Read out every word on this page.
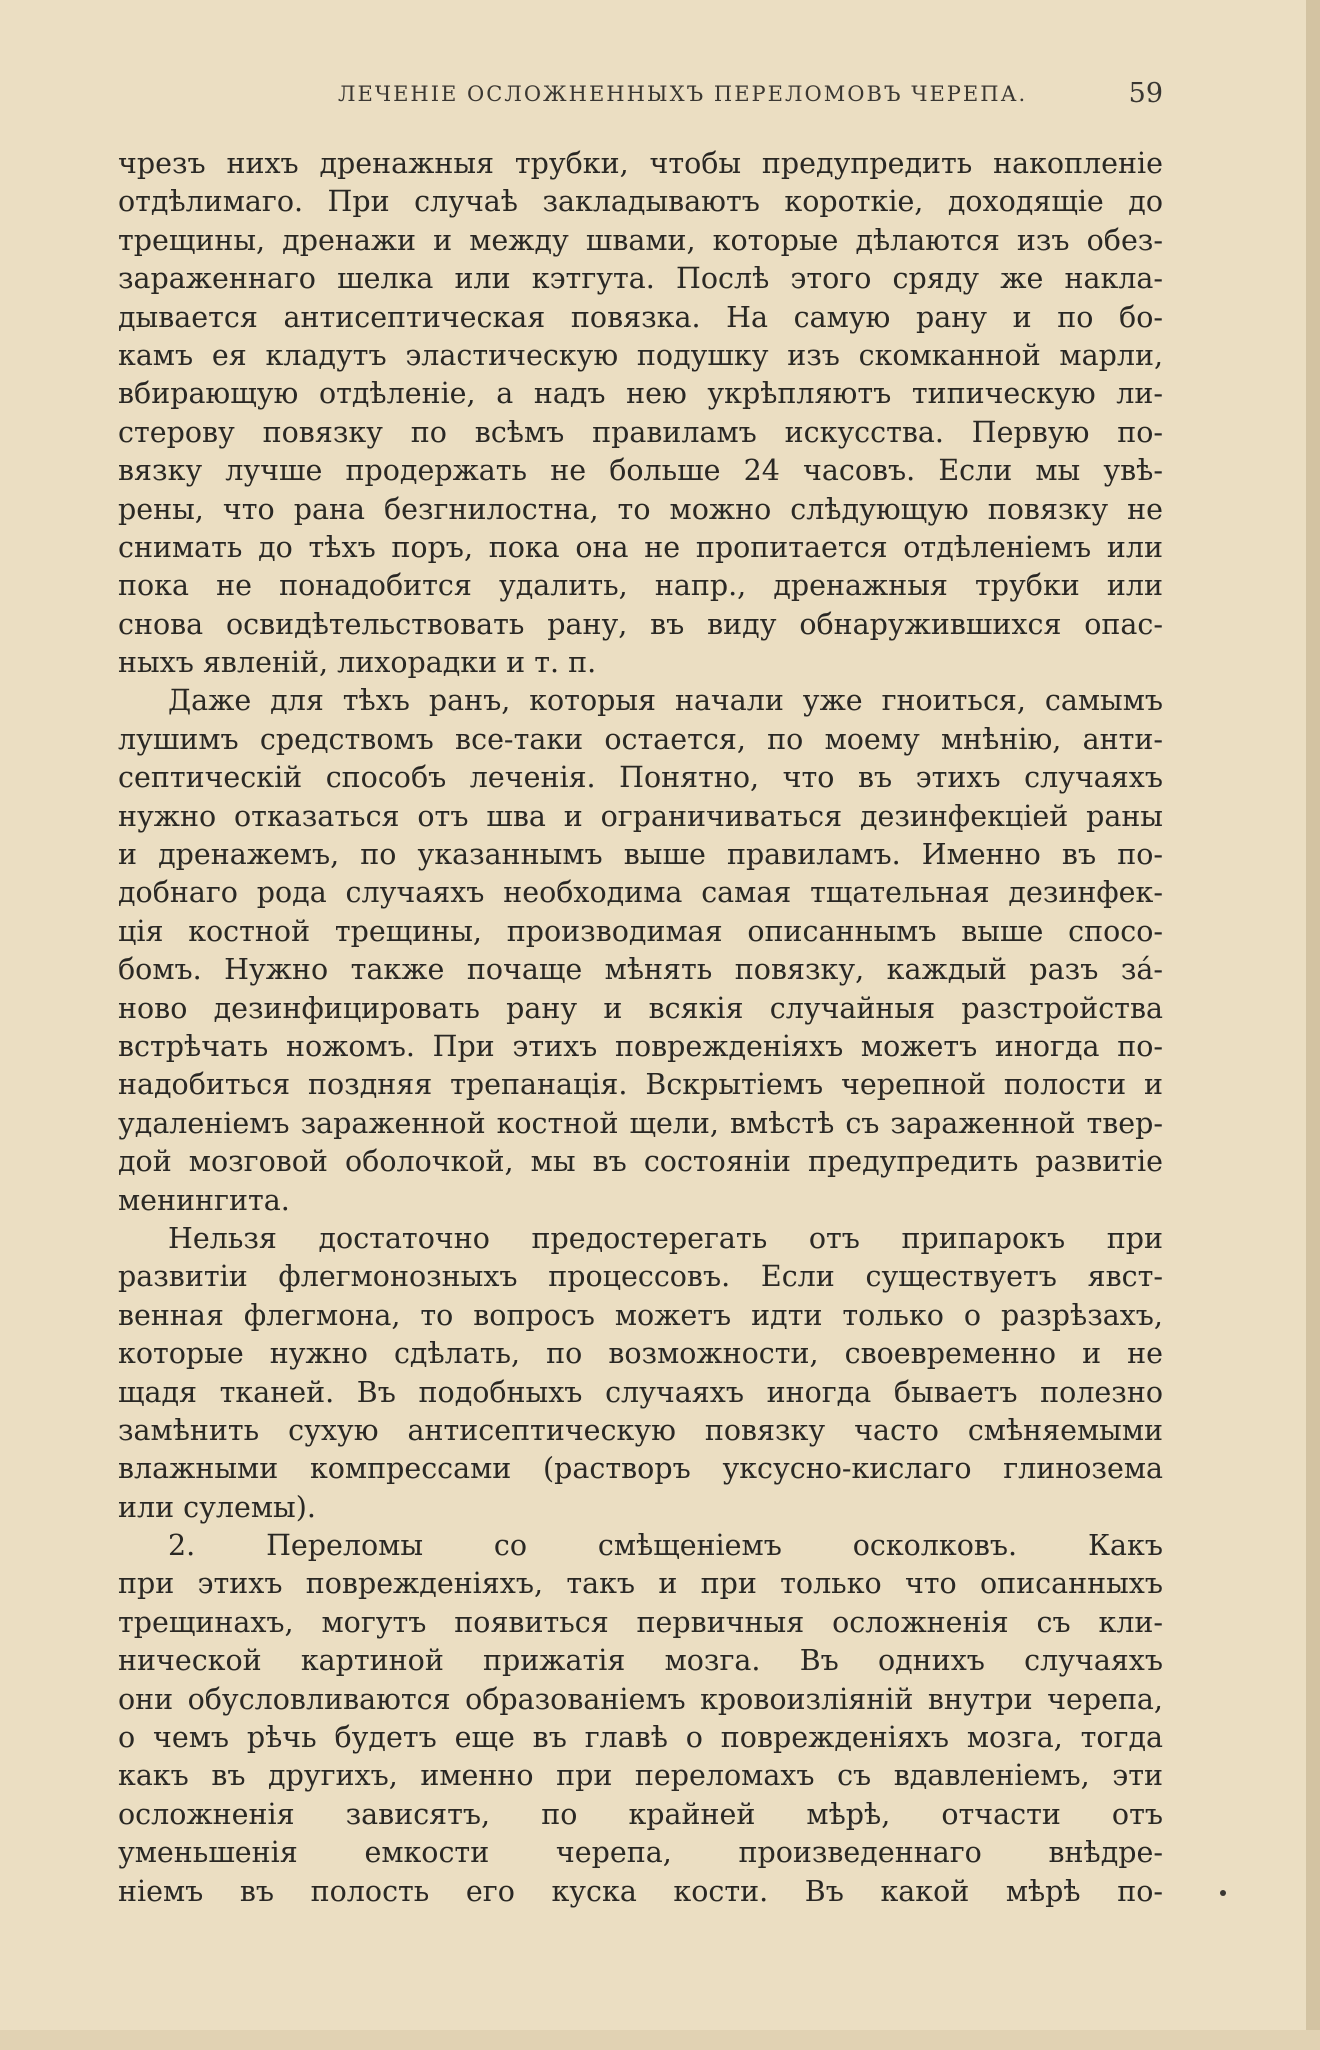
ЛЕЧЕНІЕ ОСЛОЖНЕННЫХЪ ПЕРЕЛОМОВЪ ЧЕРЕПА.	59
чрезъ нихъ дренажныя трубки, чтобы предупредить накопленіе
отдѣлимаго. При случаѣ закладываютъ короткіе, доходящіе до
трещины, дренажи и между швами, которые дѣлаются изъ обез-
зараженнаго шелка или кэтгута. Послѣ этого сряду же накла-
дывается антисептическая повязка. На самую рану и по бо-
камъ ея кладутъ эластическую подушку изъ скомканной марли,
вбирающую отдѣленіе, а надъ нею укрѣпляютъ типическую ли-
стерову повязку по всѣмъ правиламъ искусства. Первую по-
вязку лучше продержать не больше 24 часовъ. Если мы увѣ-
рены, что рана безгнилостна, то можно слѣдующую повязку не
снимать до тѣхъ поръ, пока она не пропитается отдѣленіемъ или
пока не понадобится удалить, напр., дренажныя трубки или
снова освидѣтельствовать рану, въ виду обнаружившихся опас-
ныхъ явленій, лихорадки и т. п.
Даже для тѣхъ ранъ, которыя начали уже гноиться, самымъ
лушимъ средствомъ все-таки остается, по моему мнѣнію, анти-
септическій способъ леченія. Понятно, что въ этихъ случаяхъ
нужно отказаться отъ шва и ограничиваться дезинфекціей раны
и дренажемъ, по указаннымъ выше правиламъ. Именно въ по-
добнаго рода случаяхъ необходима самая тщательная дезинфек-
ція костной трещины, производимая описаннымъ выше спосо-
бомъ. Нужно также почаще мѣнять повязку, каждый разъ за́-
ново дезинфицировать рану и всякія случайныя разстройства
встрѣчать ножомъ. При этихъ поврежденіяхъ можетъ иногда по-
надобиться поздняя трепанація. Вскрытіемъ черепной полости и
удаленіемъ зараженной костной щели, вмѣстѣ съ зараженной твер-
дой мозговой оболочкой, мы въ состояніи предупредить развитіе
менингита.
Нельзя достаточно предостерегать отъ припарокъ при
развитіи флегмонозныхъ процессовъ. Если существуетъ явст-
венная флегмона, то вопросъ можетъ идти только о разрѣзахъ,
которые нужно сдѣлать, по возможности, своевременно и не
щадя тканей. Въ подобныхъ случаяхъ иногда бываетъ полезно
замѣнить сухую антисептическую повязку часто смѣняемыми
влажными компрессами (растворъ уксусно-кислаго глинозема
или сулемы).
2. Переломы со смѣщеніемъ осколковъ. Какъ
при этихъ поврежденіяхъ, такъ и при только что описанныхъ
трещинахъ, могутъ появиться первичныя осложненія съ кли-
нической картиной прижатія мозга. Въ однихъ случаяхъ
они обусловливаются образованіемъ кровоизліяній внутри черепа,
о чемъ рѣчь будетъ еще въ главѣ о поврежденіяхъ мозга, тогда
какъ въ другихъ, именно при переломахъ съ вдавленіемъ, эти
осложненія зависятъ, по крайней мѣрѣ, отчасти отъ
уменьшенія емкости черепа, произведеннаго внѣдре-
ніемъ въ полость его куска кости. Въ какой мѣрѣ по-
